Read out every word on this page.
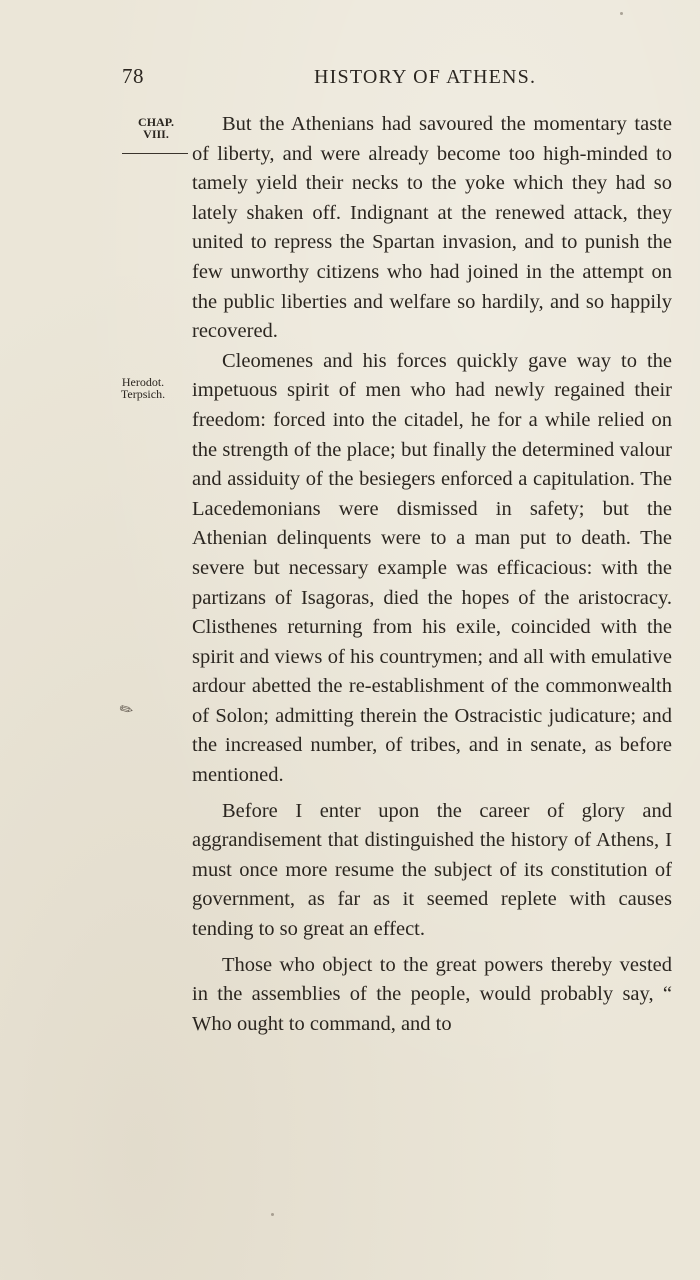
78	HISTORY OF ATHENS.
CHAP.
VIII.
Herodot.
Terpsich.

But the Athenians had savoured the momentary taste of liberty, and were already become too high-minded to tamely yield their necks to the yoke which they had so lately shaken off. Indignant at the renewed attack, they united to repress the Spartan invasion, and to punish the few unworthy citizens who had joined in the attempt on the public liberties and welfare so hardily, and so happily recovered.

Cleomenes and his forces quickly gave way to the impetuous spirit of men who had newly regained their freedom: forced into the citadel, he for a while relied on the strength of the place; but finally the determined valour and assiduity of the besiegers enforced a capitulation. The Lacedemonians were dismissed in safety; but the Athenian delinquents were to a man put to death. The severe but necessary example was efficacious: with the partizans of Isagoras, died the hopes of the aristocracy. Clisthenes returning from his exile, coincided with the spirit and views of his countrymen; and all with emulative ardour abetted the re-establishment of the commonwealth of Solon; admitting therein the Ostracistic judicature; and the increased number, of tribes, and in senate, as before mentioned.

Before I enter upon the career of glory and aggrandisement that distinguished the history of Athens, I must once more resume the subject of its constitution of government, as far as it seemed replete with causes tending to so great an effect.

Those who object to the great powers thereby vested in the assemblies of the people, would probably say, “ Who ought to command, and to

✎
